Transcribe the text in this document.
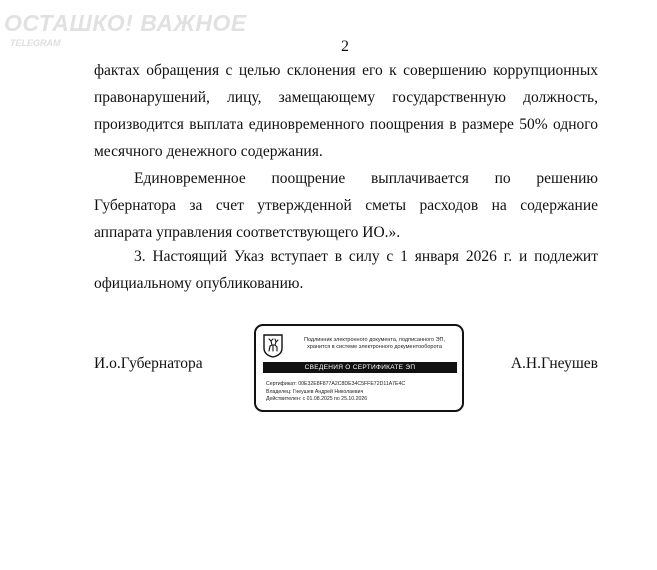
ОСТАШКО! ВАЖНОЕ
TELEGRAM	2
фактах обращения с целью склонения его к совершению коррупционных
правонарушений, лицу, замещающему государственную должность,
производится выплата единовременного поощрения в размере 50% одного
месячного денежного содержания.
Единовременное поощрение выплачивается по решению
Губернатора за счет утвержденной сметы расходов на содержание
аппарата управления соответствующего ИО.».
3. Настоящий Указ вступает в силу с 1 января 2026 г. и подлежит
официальному опубликованию.
И.о.Губернатора	А.Н.Гнеушев
Подлинник электронного документа, подписанного ЭП,
хранится в системе электронного документооборота
СВЕДЕНИЯ О СЕРТИФИКАТЕ ЭП
Сертификат: 00E32E8F877A2C8DE34C5FFE72D11A7E4C
Владелец: Гнеушев Андрей Николаевич
Действителен: с 01.08.2025 по 25.10.2026
